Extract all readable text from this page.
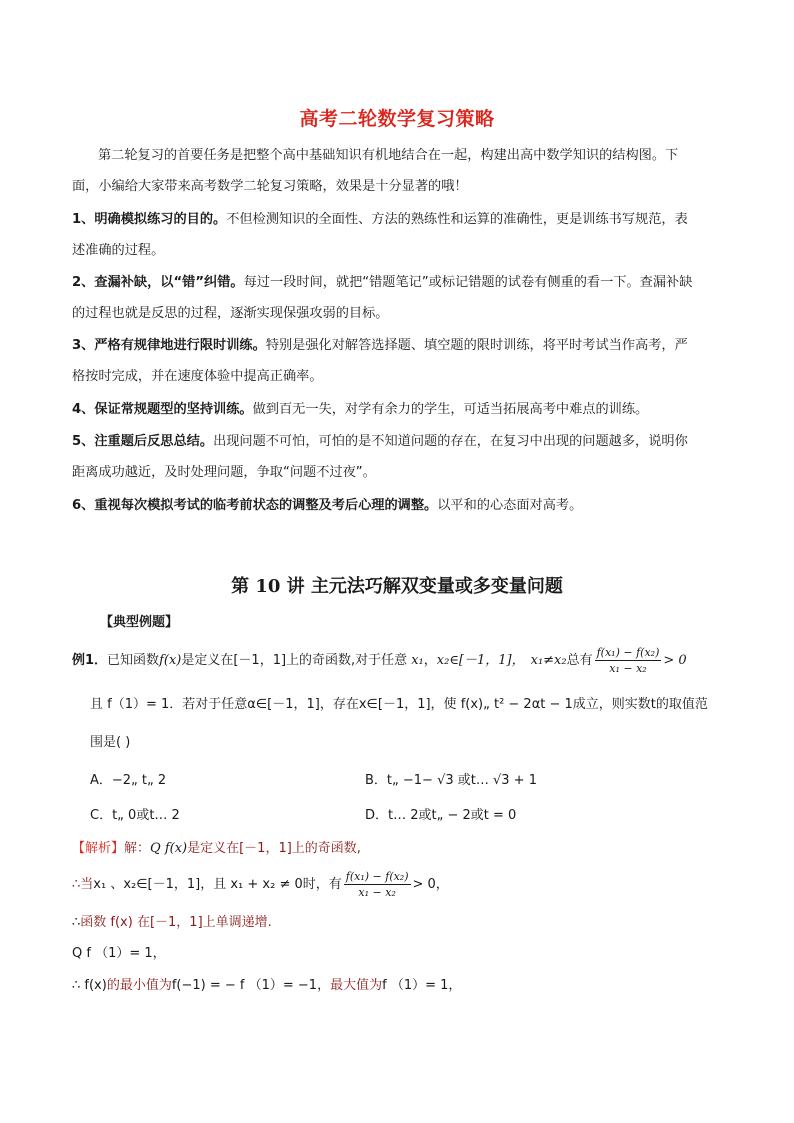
高考二轮数学复习策略
第二轮复习的首要任务是把整个高中基础知识有机地结合在一起，构建出高中数学知识的结构图。下
面，小编给大家带来高考数学二轮复习策略，效果是十分显著的哦！
1、明确模拟练习的目的。不但检测知识的全面性、方法的熟练性和运算的准确性，更是训练书写规范，表
述准确的过程。
2、查漏补缺，以“错”纠错。每过一段时间，就把“错题笔记”或标记错题的试卷有侧重的看一下。查漏补缺
的过程也就是反思的过程，逐渐实现保强攻弱的目标。
3、严格有规律地进行限时训练。特别是强化对解答选择题、填空题的限时训练，将平时考试当作高考，严
格按时完成，并在速度体验中提高正确率。
4、保证常规题型的坚持训练。做到百无一失，对学有余力的学生，可适当拓展高考中难点的训练。
5、注重题后反思总结。出现问题不可怕，可怕的是不知道问题的存在，在复习中出现的问题越多，说明你
距离成功越近，及时处理问题，争取“问题不过夜”。
6、重视每次模拟考试的临考前状态的调整及考后心理的调整。以平和的心态面对高考。
第 10 讲 主元法巧解双变量或多变量问题
【典型例题】
例1．已知函数f(x)是定义在[－1，1]上的奇函数,对于任意 x₁，x₂∈[－1，1]， x₁≠x₂总有 $\frac{\text{f(x₁) − f(x₂)}}{\text{x₁ − x₂}} > 0$
且 f（1）= 1．若对于任意α∈[－1，1]，存在x∈[－1，1]，使 f(x)„ t² − 2αt − 1成立，则实数t的取值范
围是( )
A．−2„ t„ 2	B．t„ −1− √3 或t… √3 + 1
C．t„ 0或t… 2	D．t… 2或t„ − 2或t = 0
【解析】解：Q f(x)是定义在[－1，1]上的奇函数,
∴当x₁ 、x₂∈[－1，1]，且 x₁ + x₂ ≠ 0时，有 $\frac{\text{f(x₁) − f(x₂)}}{\text{x₁ − x₂}} > 0$，
∴函数 f(x) 在[－1，1]上单调递增.
Q f （1）= 1，
∴ f(x)的最小值为f(−1) = − f （1）= −1，最大值为f （1）= 1，
